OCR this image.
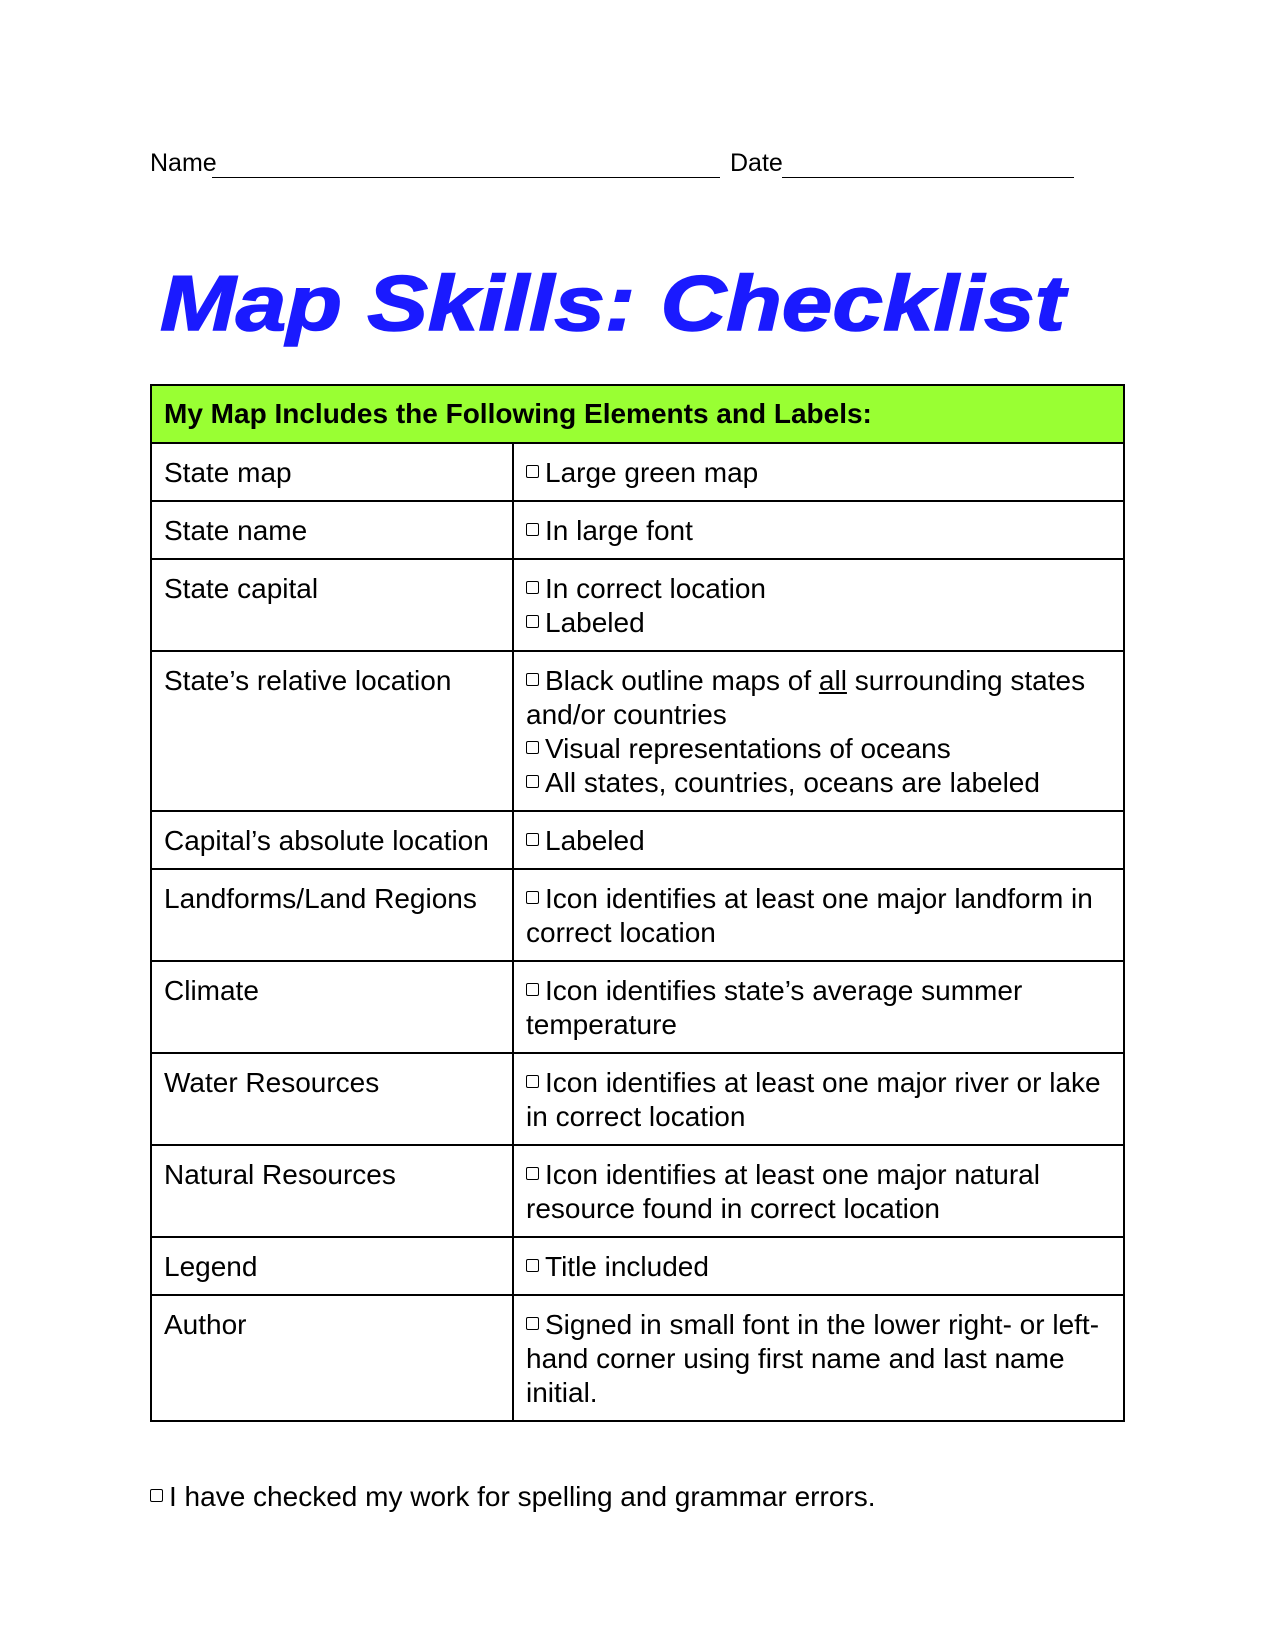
Name	Date
Map Skills: Checklist
My Map Includes the Following Elements and Labels:	
State map	Large green map

State name	In large font

State capital	In correct location
Labeled

State’s relative location	Black outline maps of all surrounding states and/or countries
Visual representations of oceans
All states, countries, oceans are labeled

Capital’s absolute location	Labeled

Landforms/Land Regions	Icon identifies at least one major landform in correct location

Climate	Icon identifies state’s average summer temperature

Water Resources	Icon identifies at least one major river or lake in correct location

Natural Resources	Icon identifies at least one major natural resource found in correct location

Legend	Title included

Author	Signed in small font in the lower right- or left-hand corner using first name and last name initial.
I have checked my work for spelling and grammar errors.
